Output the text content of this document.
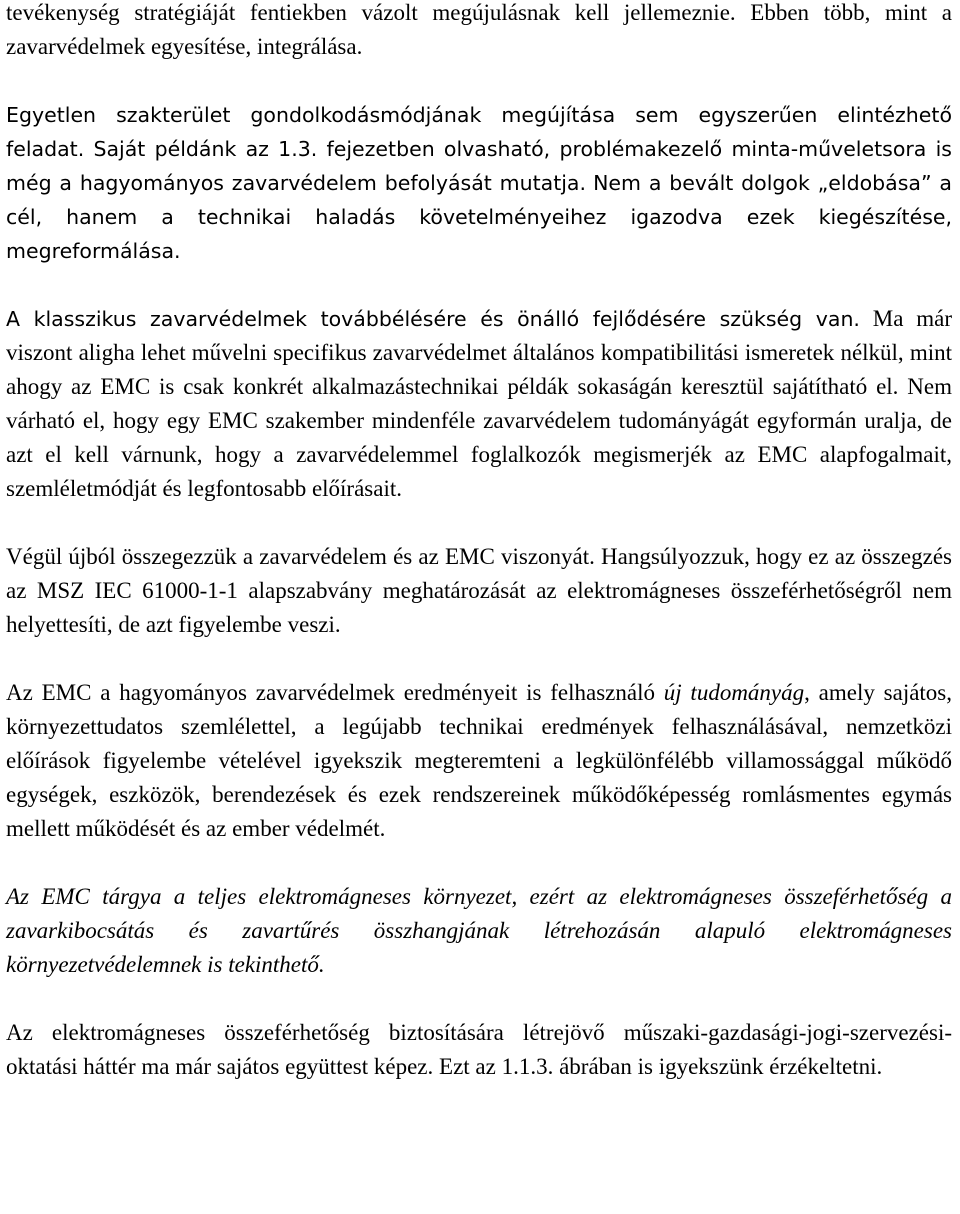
tevékenység stratégiáját fentiekben vázolt megújulásnak kell jellemeznie. Ebben több, mint a zavarvédelmek egyesítése, integrálása.

Egyetlen szakterület gondolkodásmódjának megújítása sem egyszerűen elintézhető feladat. Saját példánk az 1.3. fejezetben olvasható, problémakezelő minta-műveletsora is még a hagyományos zavarvédelem befolyását mutatja. Nem a bevált dolgok „eldobása” a cél, hanem a technikai haladás követelményeihez igazodva ezek kiegészítése, megreformálása.

A klasszikus zavarvédelmek továbbélésére és önálló fejlődésére szükség van. Ma már viszont aligha lehet művelni specifikus zavarvédelmet általános kompatibilitási ismeretek nélkül, mint ahogy az EMC is csak konkrét alkalmazástechnikai példák sokaságán keresztül sajátítható el. Nem várható el, hogy egy EMC szakember mindenféle zavarvédelem tudományágát egyformán uralja, de azt el kell várnunk, hogy a zavarvédelemmel foglalkozók megismerjék az EMC alapfogalmait, szemléletmódját és legfontosabb előírásait.

Végül újból összegezzük a zavarvédelem és az EMC viszonyát. Hangsúlyozzuk, hogy ez az összegzés az MSZ IEC 61000-1-1 alapszabvány meghatározását az elektromágneses összeférhetőségről nem helyettesíti, de azt figyelembe veszi.

Az EMC a hagyományos zavarvédelmek eredményeit is felhasználó új tudományág, amely sajátos, környezettudatos szemlélettel, a legújabb technikai eredmények felhasználásával, nemzetközi előírások figyelembe vételével igyekszik megteremteni a legkülönfélébb villamossággal működő egységek, eszközök, berendezések és ezek rendszereinek működőképesség romlásmentes egymás mellett működését és az ember védelmét.

Az EMC tárgya a teljes elektromágneses környezet, ezért az elektromágneses összeférhetőség a zavarkibocsátás és zavartűrés összhangjának létrehozásán alapuló elektromágneses környezetvédelemnek is tekinthető.

Az elektromágneses összeférhetőség biztosítására létrejövő műszaki-gazdasági-jogi-szervezési-oktatási háttér ma már sajátos együttest képez. Ezt az 1.1.3. ábrában is igyekszünk érzékeltetni.
